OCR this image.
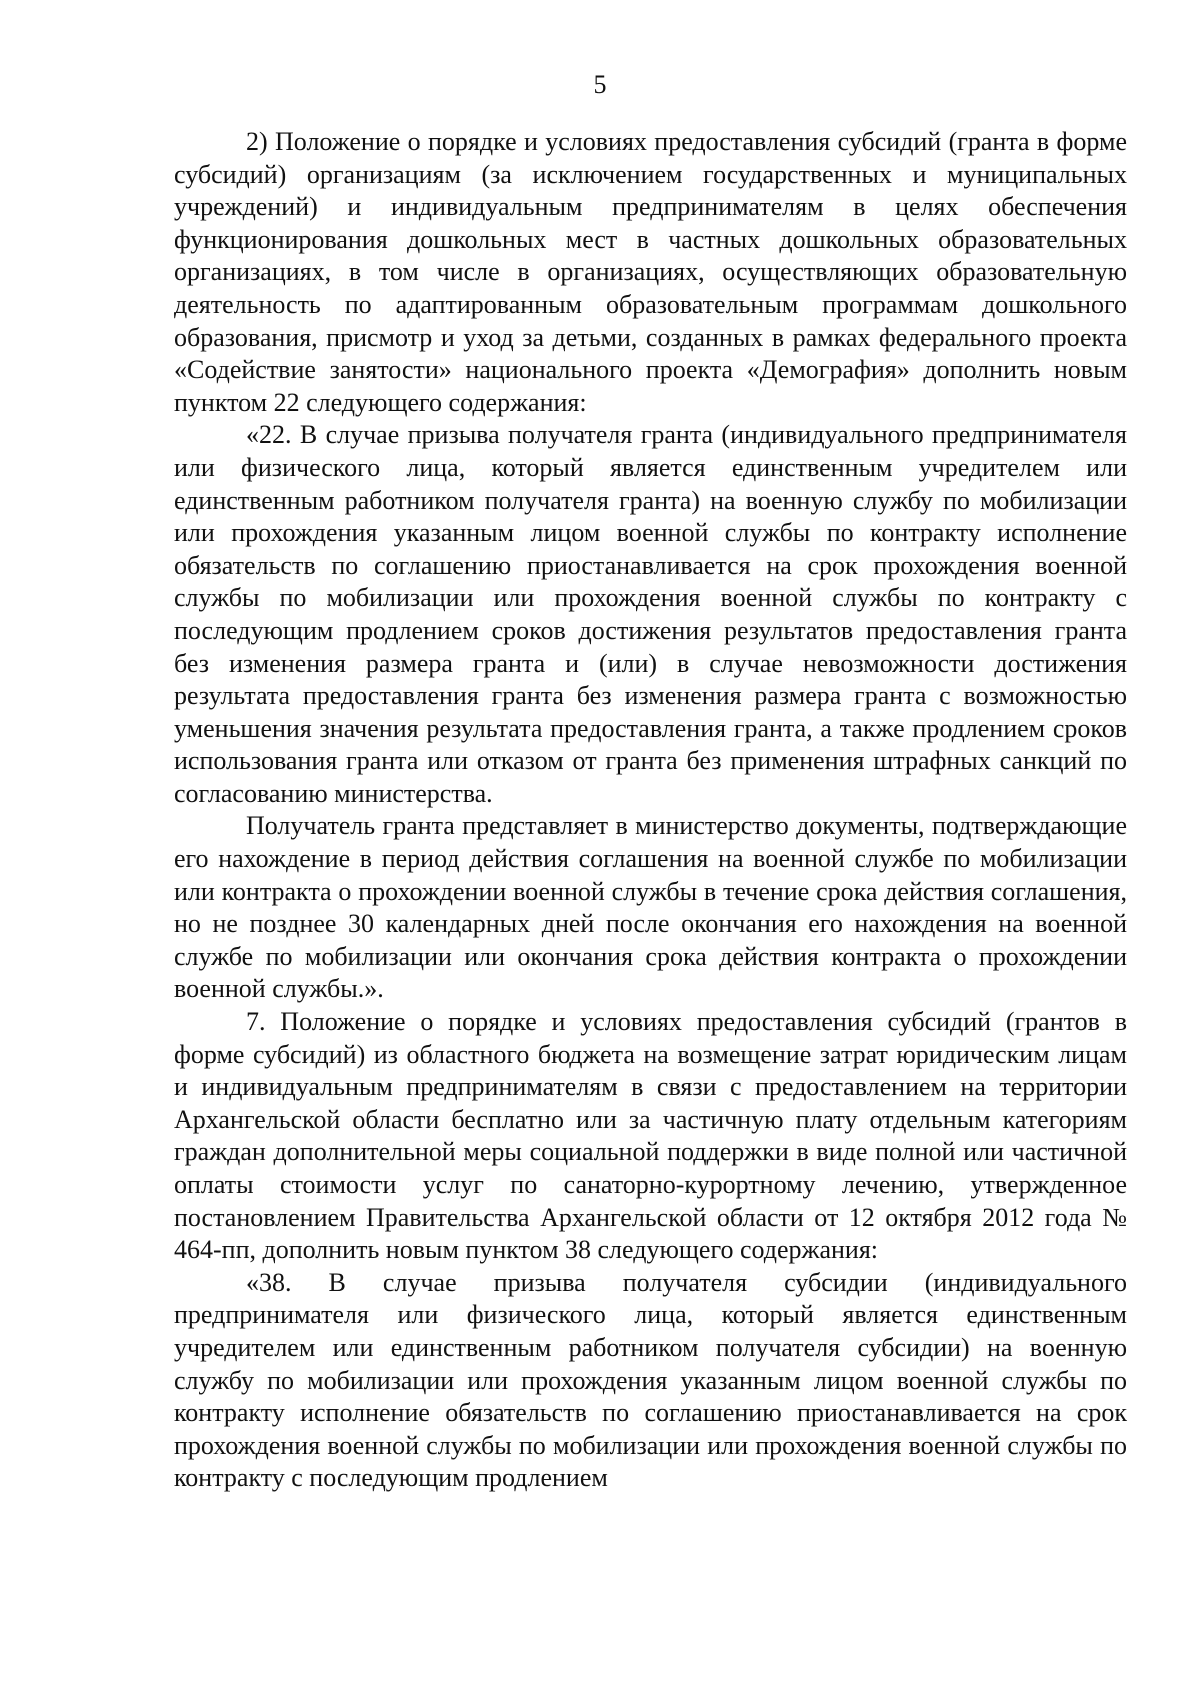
5

2) Положение о порядке и условиях предоставления субсидий (гранта в форме субсидий) организациям (за исключением государственных и муниципальных учреждений) и индивидуальным предпринимателям в целях обеспечения функционирования дошкольных мест в частных дошкольных образовательных организациях, в том числе в организациях, осуществляющих образовательную деятельность по адаптированным образовательным программам дошкольного образования, присмотр и уход за детьми, созданных в рамках федерального проекта «Содействие занятости» национального проекта «Демография» дополнить новым пунктом 22 следующего содержания:

«22. В случае призыва получателя гранта (индивидуального предпринимателя или физического лица, который является единственным учредителем или единственным работником получателя гранта) на военную службу по мобилизации или прохождения указанным лицом военной службы по контракту исполнение обязательств по соглашению приостанавливается на срок прохождения военной службы по мобилизации или прохождения военной службы по контракту с последующим продлением сроков достижения результатов предоставления гранта без изменения размера гранта и (или) в случае невозможности достижения результата предоставления гранта без изменения размера гранта с возможностью уменьшения значения результата предоставления гранта, а также продлением сроков использования гранта или отказом от гранта без применения штрафных санкций по согласованию министерства.

Получатель гранта представляет в министерство документы, подтверждающие его нахождение в период действия соглашения на военной службе по мобилизации или контракта о прохождении военной службы в течение срока действия соглашения, но не позднее 30 календарных дней после окончания его нахождения на военной службе по мобилизации или окончания срока действия контракта о прохождении военной службы.».

7. Положение о порядке и условиях предоставления субсидий (грантов в форме субсидий) из областного бюджета на возмещение затрат юридическим лицам и индивидуальным предпринимателям в связи с предоставлением на территории Архангельской области бесплатно или за частичную плату отдельным категориям граждан дополнительной меры социальной поддержки в виде полной или частичной оплаты стоимости услуг по санаторно-курортному лечению, утвержденное постановлением Правительства Архангельской области от 12 октября 2012 года № 464-пп, дополнить новым пунктом 38 следующего содержания:

«38. В случае призыва получателя субсидии (индивидуального предпринимателя или физического лица, который является единственным учредителем или единственным работником получателя субсидии) на военную службу по мобилизации или прохождения указанным лицом военной службы по контракту исполнение обязательств по соглашению приостанавливается на срок прохождения военной службы по мобилизации или прохождения военной службы по контракту с последующим продлением
